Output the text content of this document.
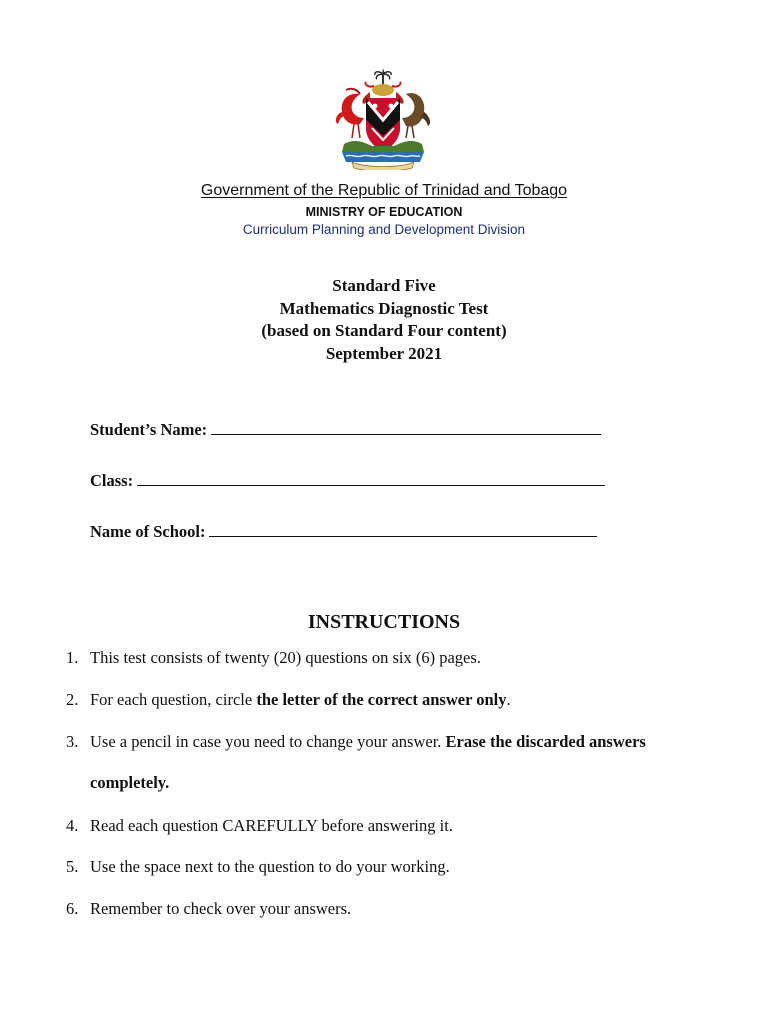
Government of the Republic of Trinidad and Tobago
MINISTRY OF EDUCATION
Curriculum Planning and Development Division
Standard Five
Mathematics Diagnostic Test
(based on Standard Four content)
September 2021
Student’s Name:
Class:
Name of School:
INSTRUCTIONS
1. This test consists of twenty (20) questions on six (6) pages.
2. For each question, circle the letter of the correct answer only.
3. Use a pencil in case you need to change your answer. Erase the discarded answers
completely.
4. Read each question CAREFULLY before answering it.
5. Use the space next to the question to do your working.
6. Remember to check over your answers.
